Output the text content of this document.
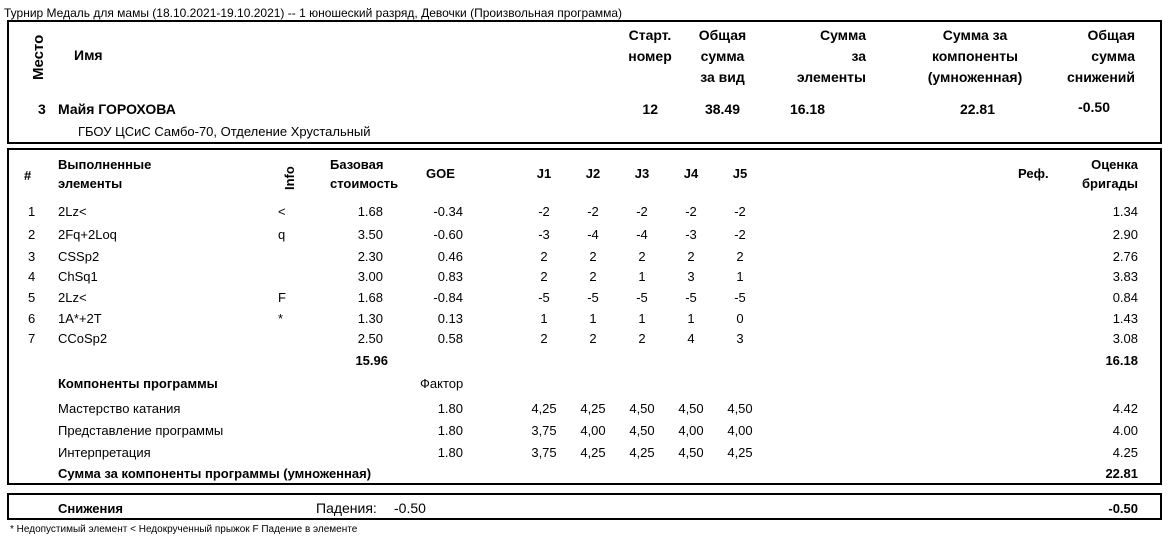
Турнир Медаль для мамы (18.10.2021-19.10.2021) -- 1 юношеский разряд, Девочки (Произвольная программа)
Место Имя
Старт.
номер
Общая
сумма
за вид
Сумма
за
элементы
Сумма за
компоненты
(умноженная)
Общая
сумма
снижений
3 Майя ГОРОХОВА
ГБОУ ЦСиС Самбо-70, Отделение Хрустальный
12	38.49	16.18	22.81	-0.50
#
Выполненные
элементы	Info
Базовая
стоимость
GOE	J1	J2	J3	J4	J5	Реф.
Оценка
бригады
1 2Lz<	<	1.68	-0.34	-2	-2	-2	-2	-2	1.34
2 2Fq+2Loq	q	3.50	-0.60	-3	-4	-4	-3	-2	2.90
3 CSSp2	2.30	0.46	2	2	2	2	2	2.76
4 ChSq1	3.00	0.83	2	2	1	3	1	3.83
5 2Lz<	F	1.68	-0.84	-5	-5	-5	-5	-5	0.84
6 1A*+2T	*	1.30	0.13	1	1	1	1	0	1.43
7 CCoSp2	2.50	0.58	2	2	2	4	3	3.08
15.96	16.18
Компоненты программы	Фактор
Мастерство катания	1.80	4,25	4,25	4,50	4,50	4,50	4.42
Представление программы	1.80	3,75	4,00	4,50	4,00	4,00	4.00
Интерпретация	1.80	3,75	4,25	4,25	4,50	4,25	4.25
Сумма за компоненты программы (умноженная)	22.81
Снижения	Падения: -0.50	-0.50
* Недопустимый элемент < Недокрученный прыжок F Падение в элементе
